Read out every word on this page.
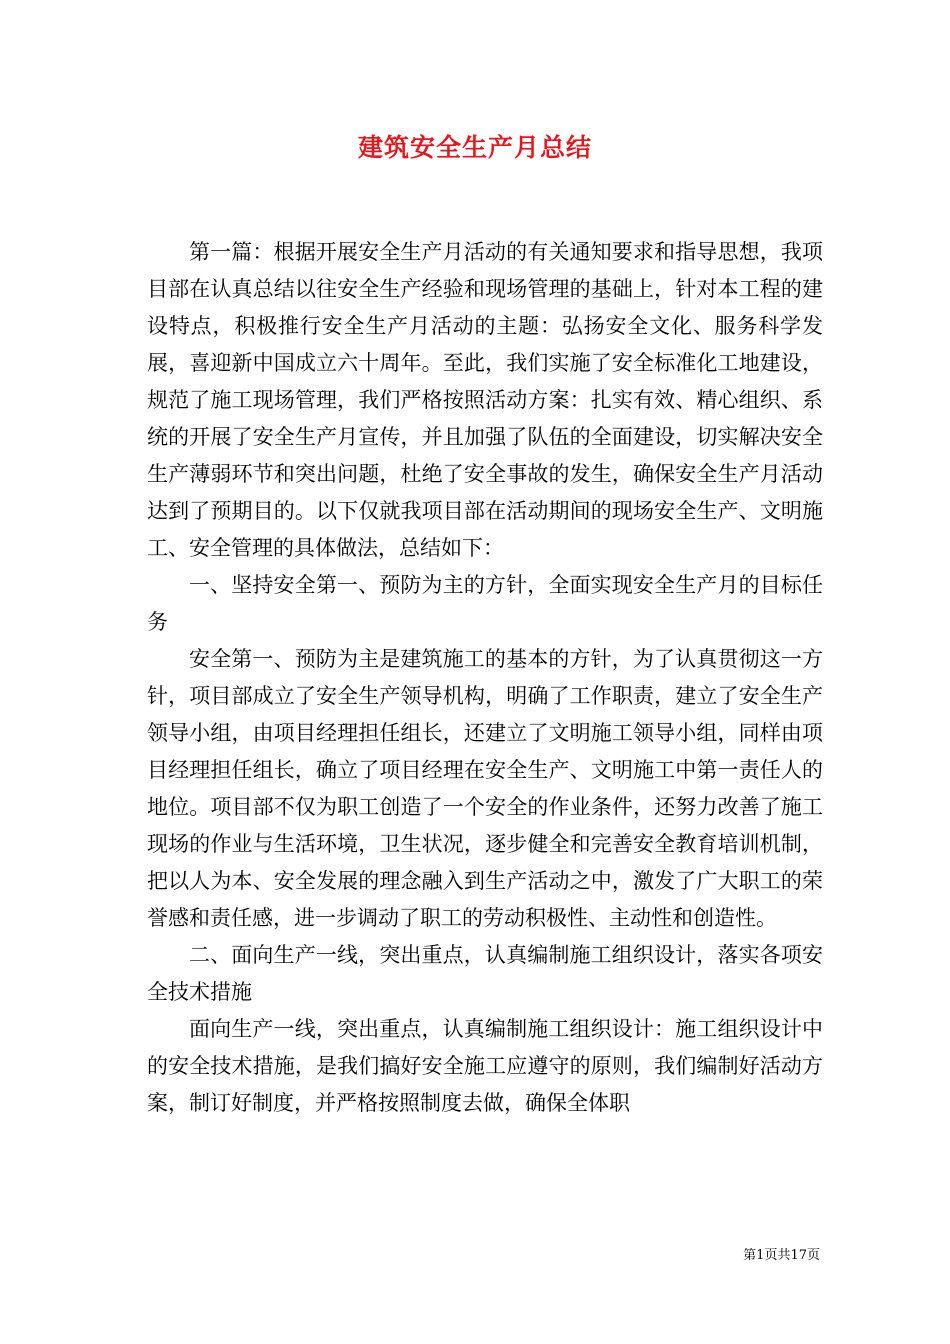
建筑安全生产月总结

第一篇：根据开展安全生产月活动的有关通知要求和指导思想，我项目部在认真总结以往安全生产经验和现场管理的基础上，针对本工程的建设特点，积极推行安全生产月活动的主题：弘扬安全文化、服务科学发展，喜迎新中国成立六十周年。至此，我们实施了安全标准化工地建设，规范了施工现场管理，我们严格按照活动方案：扎实有效、精心组织、系统的开展了安全生产月宣传，并且加强了队伍的全面建设，切实解决安全生产薄弱环节和突出问题，杜绝了安全事故的发生，确保安全生产月活动达到了预期目的。以下仅就我项目部在活动期间的现场安全生产、文明施工、安全管理的具体做法，总结如下：

一、坚持安全第一、预防为主的方针，全面实现安全生产月的目标任务

安全第一、预防为主是建筑施工的基本的方针，为了认真贯彻这一方针，项目部成立了安全生产领导机构，明确了工作职责，建立了安全生产领导小组，由项目经理担任组长，还建立了文明施工领导小组，同样由项目经理担任组长，确立了项目经理在安全生产、文明施工中第一责任人的地位。项目部不仅为职工创造了一个安全的作业条件，还努力改善了施工现场的作业与生活环境，卫生状况，逐步健全和完善安全教育培训机制，把以人为本、安全发展的理念融入到生产活动之中，激发了广大职工的荣誉感和责任感，进一步调动了职工的劳动积极性、主动性和创造性。

二、面向生产一线，突出重点，认真编制施工组织设计，落实各项安全技术措施

面向生产一线，突出重点，认真编制施工组织设计：施工组织设计中的安全技术措施，是我们搞好安全施工应遵守的原则，我们编制好活动方案，制订好制度，并严格按照制度去做，确保全体职

第1页共17页
